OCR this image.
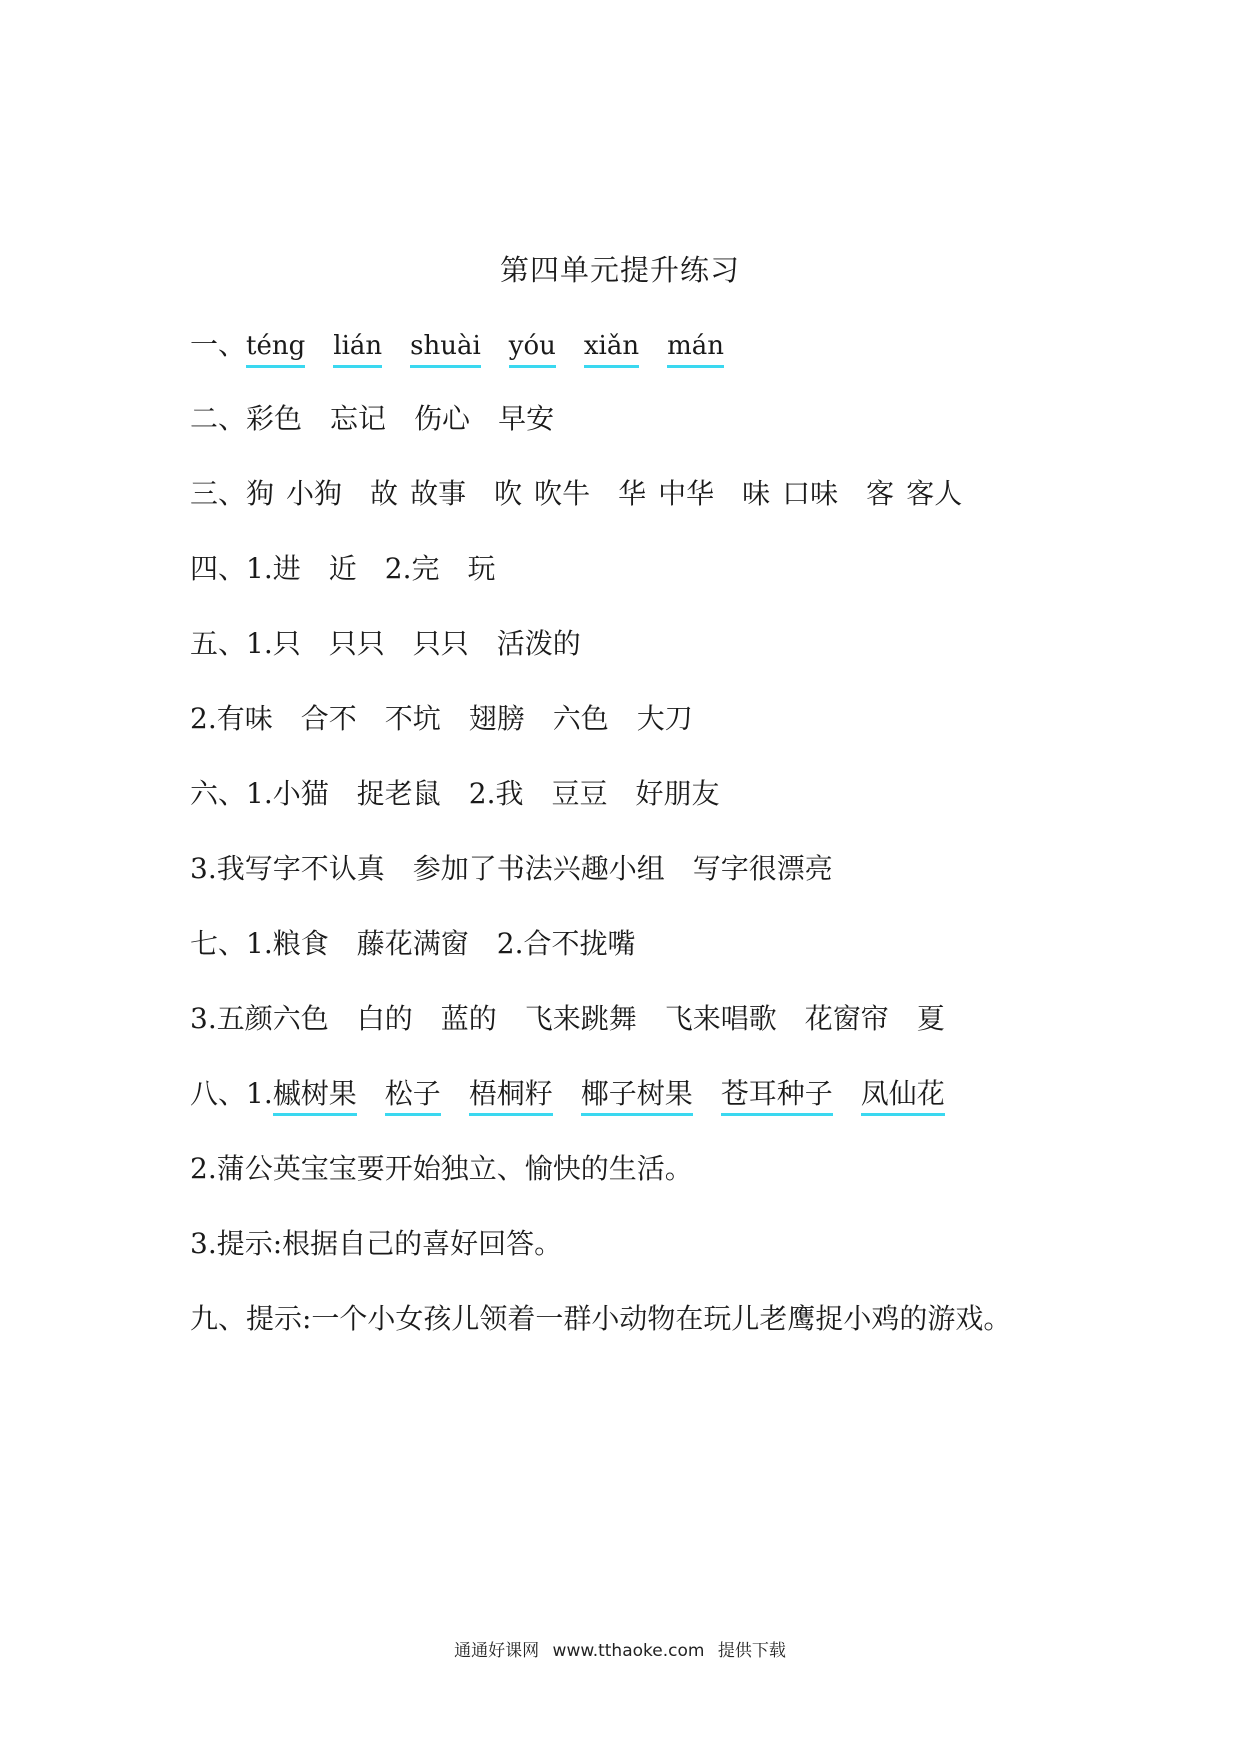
第四单元提升练习
一、téng lián shuài yóu xiǎn mán
二、彩色 忘记 伤心 早安
三、狗 小狗 故 故事 吹 吹牛 华 中华 味 口味 客 客人
四、1.进 近 2.完 玩
五、1.只 只只 只只 活泼的
2.有味 合不 不坑 翅膀 六色 大刀
六、1.小猫 捉老鼠 2.我 豆豆 好朋友
3.我写字不认真 参加了书法兴趣小组 写字很漂亮
七、1.粮食 藤花满窗 2.合不拢嘴
3.五颜六色 白的 蓝的 飞来跳舞 飞来唱歌 花窗帘 夏
八、1.槭树果 松子 梧桐籽 椰子树果 苍耳种子 凤仙花
2.蒲公英宝宝要开始独立、愉快的生活。
3.提示:根据自己的喜好回答。
九、提示:一个小女孩儿领着一群小动物在玩儿老鹰捉小鸡的游戏。
通通好课网 www.tthaoke.com 提供下载
